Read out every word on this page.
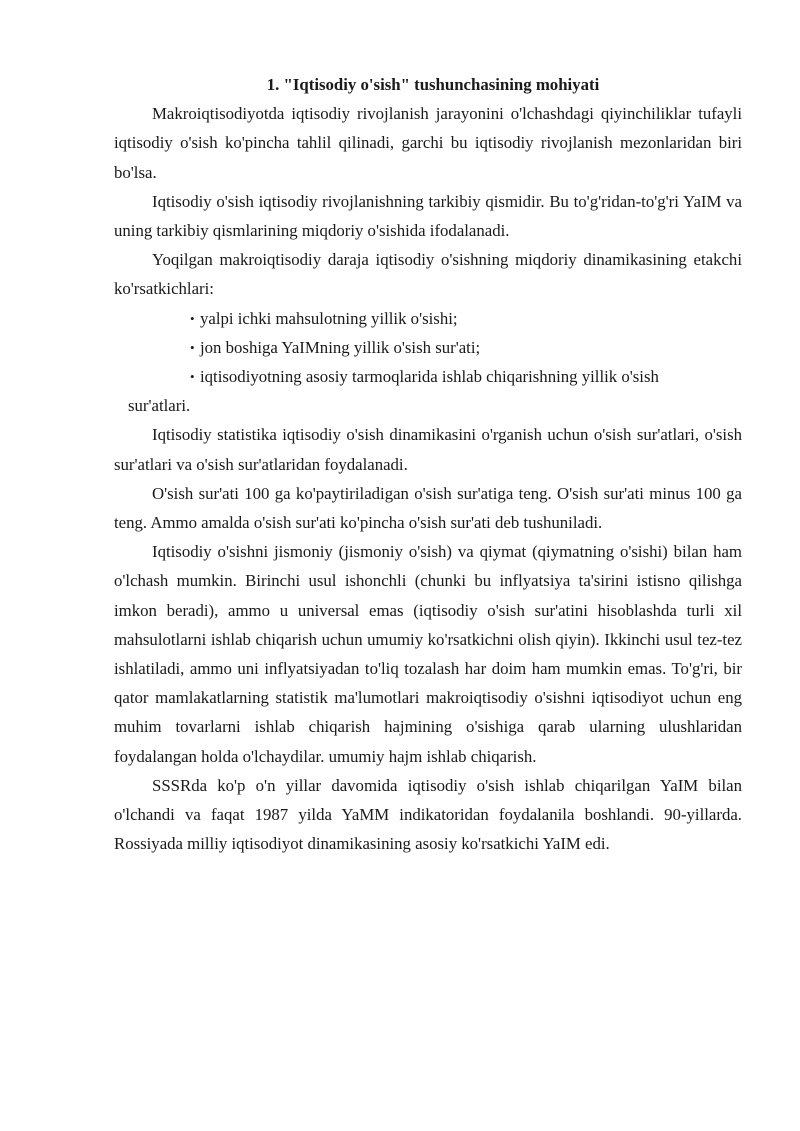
1. "Iqtisodiy o'sish" tushunchasining mohiyati

Makroiqtisodiyotda iqtisodiy rivojlanish jarayonini o'lchashdagi qiyinchiliklar tufayli iqtisodiy o'sish ko'pincha tahlil qilinadi, garchi bu iqtisodiy rivojlanish mezonlaridan biri bo'lsa.

Iqtisodiy o'sish iqtisodiy rivojlanishning tarkibiy qismidir. Bu to'g'ridan-to'g'ri YaIM va uning tarkibiy qismlarining miqdoriy o'sishida ifodalanadi.

Yoqilgan makroiqtisodiy daraja iqtisodiy o'sishning miqdoriy dinamikasining etakchi ko'rsatkichlari:

• yalpi ichki mahsulotning yillik o'sishi;
• jon boshiga YaIMning yillik o'sish sur'ati;
• iqtisodiyotning asosiy tarmoqlarida ishlab chiqarishning yillik o'sish
sur'atlari.

Iqtisodiy statistika iqtisodiy o'sish dinamikasini o'rganish uchun o'sish sur'atlari, o'sish sur'atlari va o'sish sur'atlaridan foydalanadi.

O'sish sur'ati 100 ga ko'paytiriladigan o'sish sur'atiga teng. O'sish sur'ati minus 100 ga teng. Ammo amalda o'sish sur'ati ko'pincha o'sish sur'ati deb tushuniladi.

Iqtisodiy o'sishni jismoniy (jismoniy o'sish) va qiymat (qiymatning o'sishi) bilan ham o'lchash mumkin. Birinchi usul ishonchli (chunki bu inflyatsiya ta'sirini istisno qilishga imkon beradi), ammo u universal emas (iqtisodiy o'sish sur'atini hisoblashda turli xil mahsulotlarni ishlab chiqarish uchun umumiy ko'rsatkichni olish qiyin). Ikkinchi usul tez-tez ishlatiladi, ammo uni inflyatsiyadan to'liq tozalash har doim ham mumkin emas. To'g'ri, bir qator mamlakatlarning statistik ma'lumotlari makroiqtisodiy o'sishni iqtisodiyot uchun eng muhim tovarlarni ishlab chiqarish hajmining o'sishiga qarab ularning ulushlaridan foydalangan holda o'lchaydilar. umumiy hajm ishlab chiqarish.

SSSRda ko'p o'n yillar davomida iqtisodiy o'sish ishlab chiqarilgan YaIM bilan o'lchandi va faqat 1987 yilda YaMM indikatoridan foydalanila boshlandi. 90-yillarda. Rossiyada milliy iqtisodiyot dinamikasining asosiy ko'rsatkichi YaIM edi.
